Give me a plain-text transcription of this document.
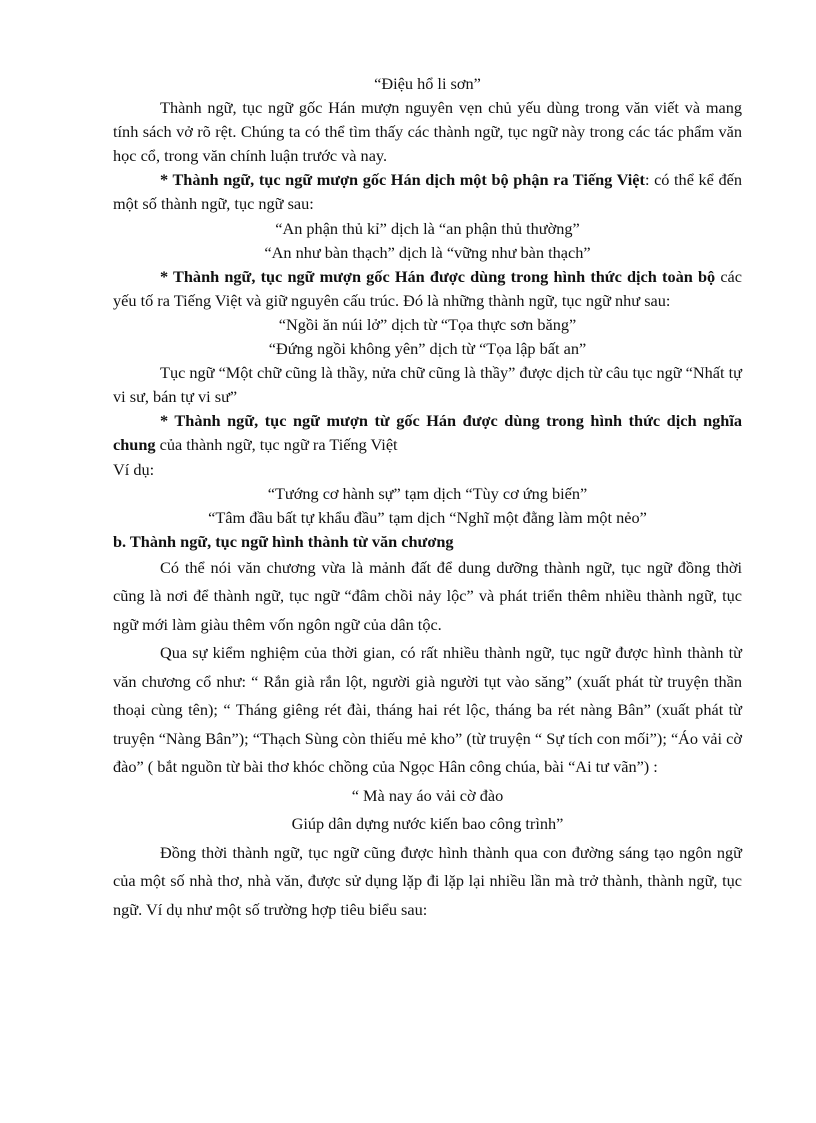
“Điệu hổ li sơn”

Thành ngữ, tục ngữ gốc Hán mượn nguyên vẹn chủ yếu dùng trong văn viết và mang tính sách vở rõ rệt. Chúng ta có thể tìm thấy các thành ngữ, tục ngữ này trong các tác phẩm văn học cổ, trong văn chính luận trước và nay.

* Thành ngữ, tục ngữ mượn gốc Hán dịch một bộ phận ra Tiếng Việt: có thể kể đến một số thành ngữ, tục ngữ sau:

“An phận thủ kỉ” dịch là “an phận thủ thường”

“An như bàn thạch” dịch là “vững như bàn thạch”

* Thành ngữ, tục ngữ mượn gốc Hán được dùng trong hình thức dịch toàn bộ các yếu tố ra Tiếng Việt và giữ nguyên cấu trúc. Đó là những thành ngữ, tục ngữ như sau:

“Ngồi ăn núi lở” dịch từ “Tọa thực sơn băng”

“Đứng ngồi không yên” dịch từ “Tọa lập bất an”

Tục ngữ “Một chữ cũng là thầy, nửa chữ cũng là thầy” được dịch từ câu tục ngữ “Nhất tự vi sư, bán tự vi sư”

* Thành ngữ, tục ngữ mượn từ gốc Hán được dùng trong hình thức dịch nghĩa chung của thành ngữ, tục ngữ ra Tiếng Việt

Ví dụ:

“Tướng cơ hành sự” tạm dịch “Tùy cơ ứng biến”

“Tâm đầu bất tự khẩu đầu” tạm dịch “Nghĩ một đằng làm một nẻo”

b. Thành ngữ, tục ngữ hình thành từ văn chương

Có thể nói văn chương vừa là mảnh đất để dung dưỡng thành ngữ, tục ngữ đồng thời cũng là nơi để thành ngữ, tục ngữ “đâm chồi nảy lộc” và phát triển thêm nhiều thành ngữ, tục ngữ mới làm giàu thêm vốn ngôn ngữ của dân tộc.

Qua sự kiểm nghiệm của thời gian, có rất nhiều thành ngữ, tục ngữ được hình thành từ văn chương cổ như: “ Rắn già rắn lột, người già người tụt vào săng” (xuất phát từ truyện thần thoại cùng tên); “ Tháng giêng rét đài, tháng hai rét lộc, tháng ba rét nàng Bân” (xuất phát từ truyện “Nàng Bân”); “Thạch Sùng còn thiếu mẻ kho” (từ truyện “ Sự tích con mối”); “Áo vải cờ đào” ( bắt nguồn từ bài thơ khóc chồng của Ngọc Hân công chúa, bài “Ai tư vãn”) :

“ Mà nay áo vải cờ đào

Giúp dân dựng nước kiến bao công trình”

Đồng thời thành ngữ, tục ngữ cũng được hình thành qua con đường sáng tạo ngôn ngữ của một số nhà thơ, nhà văn, được sử dụng lặp đi lặp lại nhiều lần mà trở thành, thành ngữ, tục ngữ. Ví dụ như một số trường hợp tiêu biểu sau:
